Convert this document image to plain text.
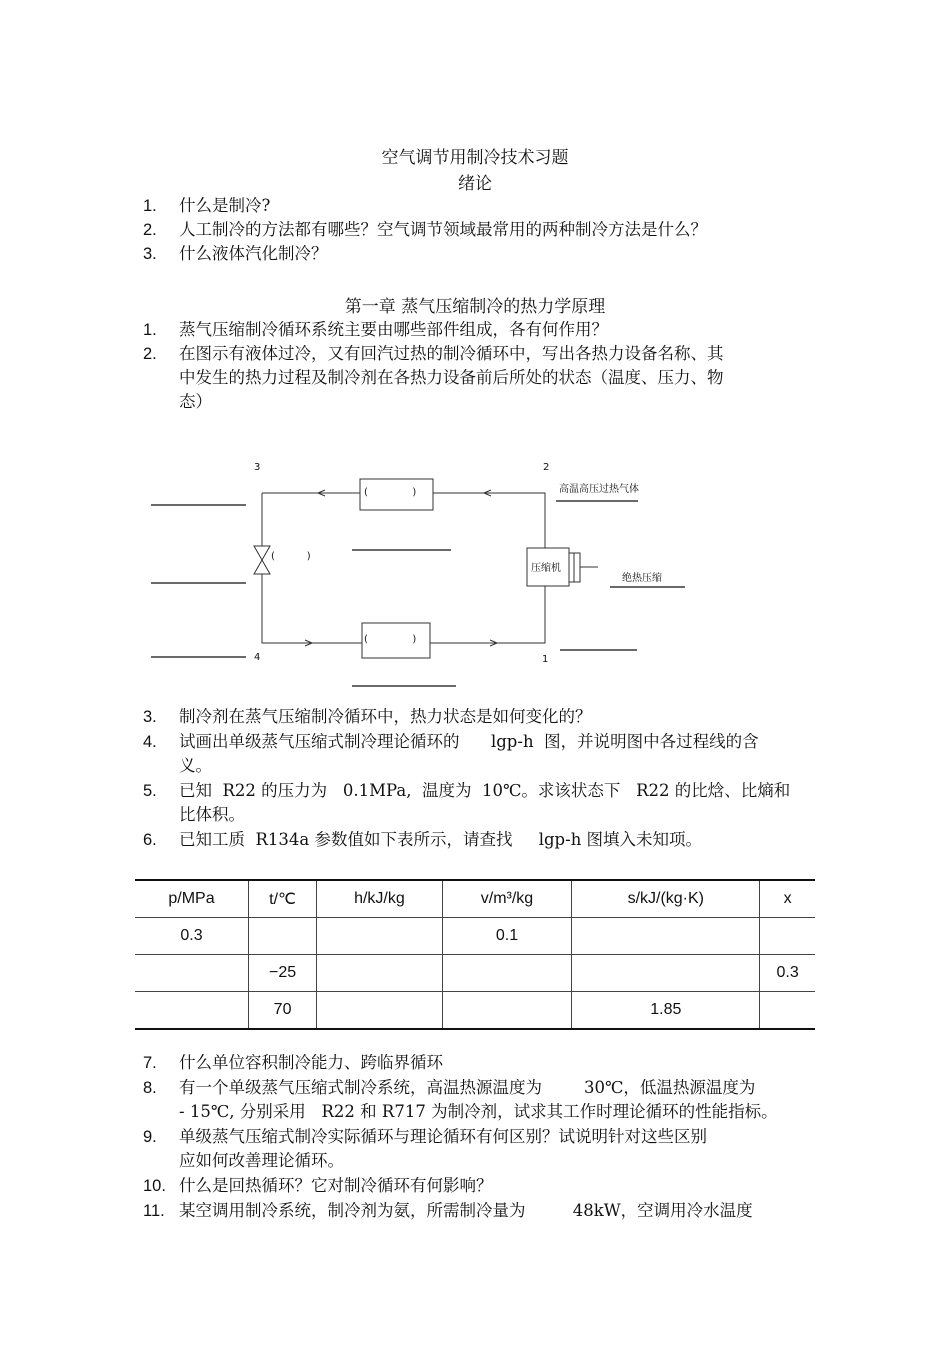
空气调节用制冷技术习题
绪论
1. 什么是制冷?
2. 人工制冷的方法都有哪些？空气调节领域最常用的两种制冷方法是什么？
3. 什么液体汽化制冷？
第一章 蒸气压缩制冷的热力学原理
1. 蒸气压缩制冷循环系统主要由哪些部件组成，各有何作用？
2. 在图示有液体过冷，又有回汽过热的制冷循环中，写出各热力设备名称、其
中发生的热力过程及制冷剂在各热力设备前后所处的状态（温度、压力、物
态）
3	2
4	1
(              )
(              )
(          )
压缩机
高温高压过热气体
绝热压缩
3. 制冷剂在蒸气压缩制冷循环中，热力状态是如何变化的？
4. 试画出单级蒸气压缩式制冷理论循环的      lgp-h  图，并说明图中各过程线的含
义。
5. 已知  R22 的压力为   0.1MPa,  温度为  10℃。求该状态下   R22 的比焓、比熵和
比体积。
6. 已知工质  R134a 参数值如下表所示，请查找     lgp-h 图填入未知项。
p/MPa	t/℃	h/kJ/kg	v/m³/kg	s/kJ/(kg·K)	x
0.3			0.1		
	−25				0.3
	70			1.85	
7. 什么单位容积制冷能力、跨临界循环
8. 有一个单级蒸气压缩式制冷系统，高温热源温度为        30℃，低温热源温度为
- 15℃, 分别采用   R22 和 R717 为制冷剂，试求其工作时理论循环的性能指标。
9. 单级蒸气压缩式制冷实际循环与理论循环有何区别？试说明针对这些区别
应如何改善理论循环。
10. 什么是回热循环？它对制冷循环有何影响？
11. 某空调用制冷系统，制冷剂为氨，所需制冷量为         48kW，空调用冷水温度
